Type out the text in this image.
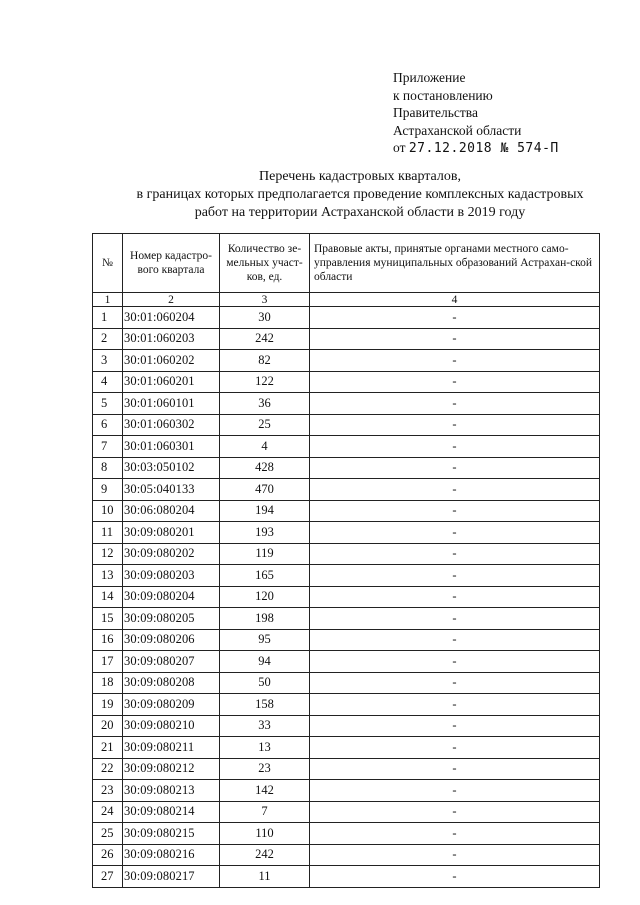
Приложение
к постановлению
Правительства
Астраханской области
от 27.12.2018 № 574-П
Перечень кадастровых кварталов,
в границах которых предполагается проведение комплексных кадастровых
работ на территории Астраханской области в 2019 году
№	Номер кадастро-вого квартала	Количество зе-мельных участ-ков, ед.	Правовые акты, принятые органами местного само-управления муниципальных образований Астрахан-ской области
1	2	3	4
1	30:01:060204	30	-
2	30:01:060203	242	-
3	30:01:060202	82	-
4	30:01:060201	122	-
5	30:01:060101	36	-
6	30:01:060302	25	-
7	30:01:060301	4	-
8	30:03:050102	428	-
9	30:05:040133	470	-
10	30:06:080204	194	-
11	30:09:080201	193	-
12	30:09:080202	119	-
13	30:09:080203	165	-
14	30:09:080204	120	-
15	30:09:080205	198	-
16	30:09:080206	95	-
17	30:09:080207	94	-
18	30:09:080208	50	-
19	30:09:080209	158	-
20	30:09:080210	33	-
21	30:09:080211	13	-
22	30:09:080212	23	-
23	30:09:080213	142	-
24	30:09:080214	7	-
25	30:09:080215	110	-
26	30:09:080216	242	-
27	30:09:080217	11	-
